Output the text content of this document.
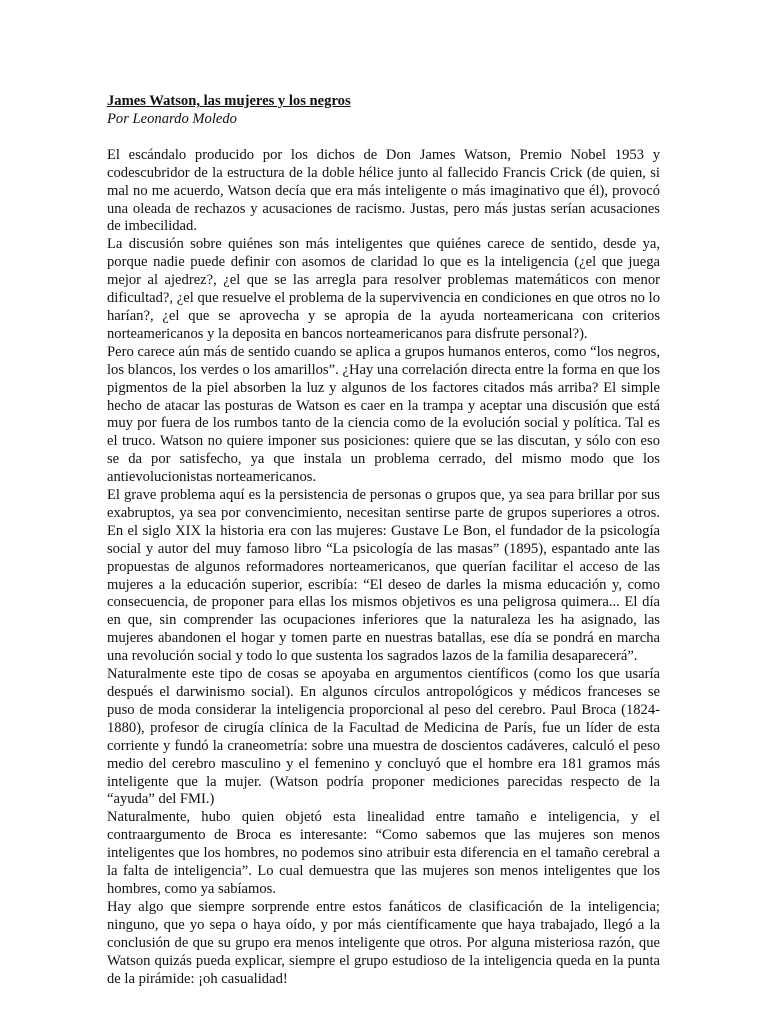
James Watson, las mujeres y los negros

Por Leonardo Moledo

El escándalo producido por los dichos de Don James Watson, Premio Nobel 1953 y codescubridor de la estructura de la doble hélice junto al fallecido Francis Crick (de quien, si mal no me acuerdo, Watson decía que era más inteligente o más imaginativo que él), provocó una oleada de rechazos y acusaciones de racismo. Justas, pero más justas serían acusaciones de imbecilidad.

La discusión sobre quiénes son más inteligentes que quiénes carece de sentido, desde ya, porque nadie puede definir con asomos de claridad lo que es la inteligencia (¿el que juega mejor al ajedrez?, ¿el que se las arregla para resolver problemas matemáticos con menor dificultad?, ¿el que resuelve el problema de la supervivencia en condiciones en que otros no lo harían?, ¿el que se aprovecha y se apropia de la ayuda norteamericana con criterios norteamericanos y la deposita en bancos norteamericanos para disfrute personal?).

Pero carece aún más de sentido cuando se aplica a grupos humanos enteros, como “los negros, los blancos, los verdes o los amarillos”. ¿Hay una correlación directa entre la forma en que los pigmentos de la piel absorben la luz y algunos de los factores citados más arriba? El simple hecho de atacar las posturas de Watson es caer en la trampa y aceptar una discusión que está muy por fuera de los rumbos tanto de la ciencia como de la evolución social y política. Tal es el truco. Watson no quiere imponer sus posiciones: quiere que se las discutan, y sólo con eso se da por satisfecho, ya que instala un problema cerrado, del mismo modo que los antievolucionistas norteamericanos.

El grave problema aquí es la persistencia de personas o grupos que, ya sea para brillar por sus exabruptos, ya sea por convencimiento, necesitan sentirse parte de grupos superiores a otros. En el siglo XIX la historia era con las mujeres: Gustave Le Bon, el fundador de la psicología social y autor del muy famoso libro “La psicología de las masas” (1895), espantado ante las propuestas de algunos reformadores norteamericanos, que querían facilitar el acceso de las mujeres a la educación superior, escribía: “El deseo de darles la misma educación y, como consecuencia, de proponer para ellas los mismos objetivos es una peligrosa quimera... El día en que, sin comprender las ocupaciones inferiores que la naturaleza les ha asignado, las mujeres abandonen el hogar y tomen parte en nuestras batallas, ese día se pondrá en marcha una revolución social y todo lo que sustenta los sagrados lazos de la familia desaparecerá”.

Naturalmente este tipo de cosas se apoyaba en argumentos científicos (como los que usaría después el darwinismo social). En algunos círculos antropológicos y médicos franceses se puso de moda considerar la inteligencia proporcional al peso del cerebro. Paul Broca (1824-1880), profesor de cirugía clínica de la Facultad de Medicina de París, fue un líder de esta corriente y fundó la craneometría: sobre una muestra de doscientos cadáveres, calculó el peso medio del cerebro masculino y el femenino y concluyó que el hombre era 181 gramos más inteligente que la mujer. (Watson podría proponer mediciones parecidas respecto de la “ayuda” del FMI.)

Naturalmente, hubo quien objetó esta linealidad entre tamaño e inteligencia, y el contraargumento de Broca es interesante: “Como sabemos que las mujeres son menos inteligentes que los hombres, no podemos sino atribuir esta diferencia en el tamaño cerebral a la falta de inteligencia”. Lo cual demuestra que las mujeres son menos inteligentes que los hombres, como ya sabíamos.

Hay algo que siempre sorprende entre estos fanáticos de clasificación de la inteligencia; ninguno, que yo sepa o haya oído, y por más científicamente que haya trabajado, llegó a la conclusión de que su grupo era menos inteligente que otros. Por alguna misteriosa razón, que Watson quizás pueda explicar, siempre el grupo estudioso de la inteligencia queda en la punta de la pirámide: ¡oh casualidad!
